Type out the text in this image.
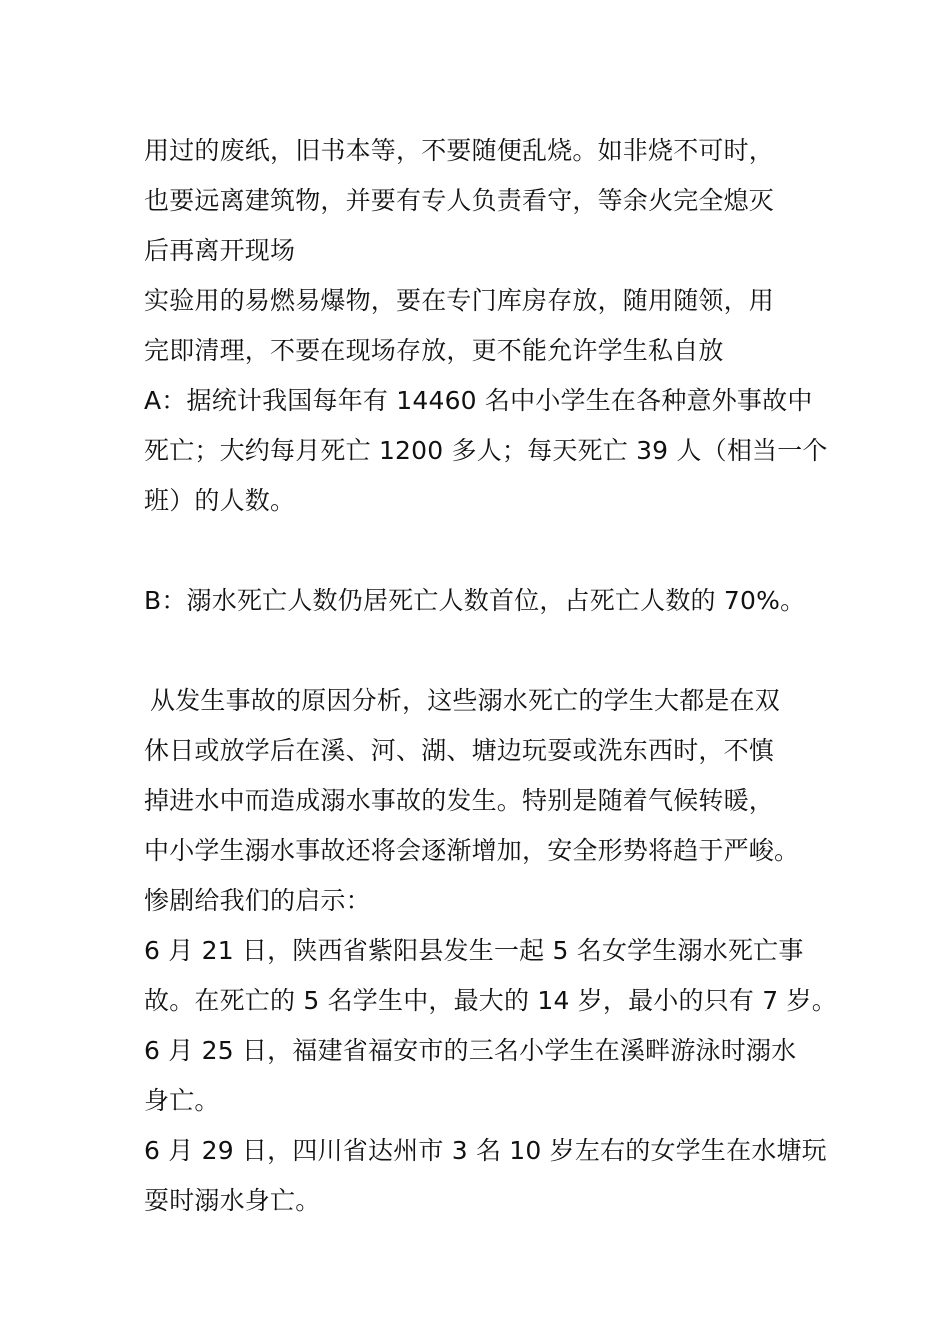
用过的废纸，旧书本等，不要随便乱烧。如非烧不可时，
也要远离建筑物，并要有专人负责看守，等余火完全熄灭
后再离开现场
实验用的易燃易爆物，要在专门库房存放，随用随领，用
完即清理，不要在现场存放，更不能允许学生私自放
A：据统计我国每年有 14460 名中小学生在各种意外事故中
死亡；大约每月死亡 1200 多人；每天死亡 39 人（相当一个
班）的人数。
B：溺水死亡人数仍居死亡人数首位，占死亡人数的 70%。
从发生事故的原因分析，这些溺水死亡的学生大都是在双
休日或放学后在溪、河、湖、塘边玩耍或洗东西时，不慎
掉进水中而造成溺水事故的发生。特别是随着气候转暖，
中小学生溺水事故还将会逐渐增加，安全形势将趋于严峻。
惨剧给我们的启示：
6 月 21 日，陕西省紫阳县发生一起 5 名女学生溺水死亡事
故。在死亡的 5 名学生中，最大的 14 岁，最小的只有 7 岁。
6 月 25 日，福建省福安市的三名小学生在溪畔游泳时溺水
身亡。
6 月 29 日，四川省达州市 3 名 10 岁左右的女学生在水塘玩
耍时溺水身亡。
